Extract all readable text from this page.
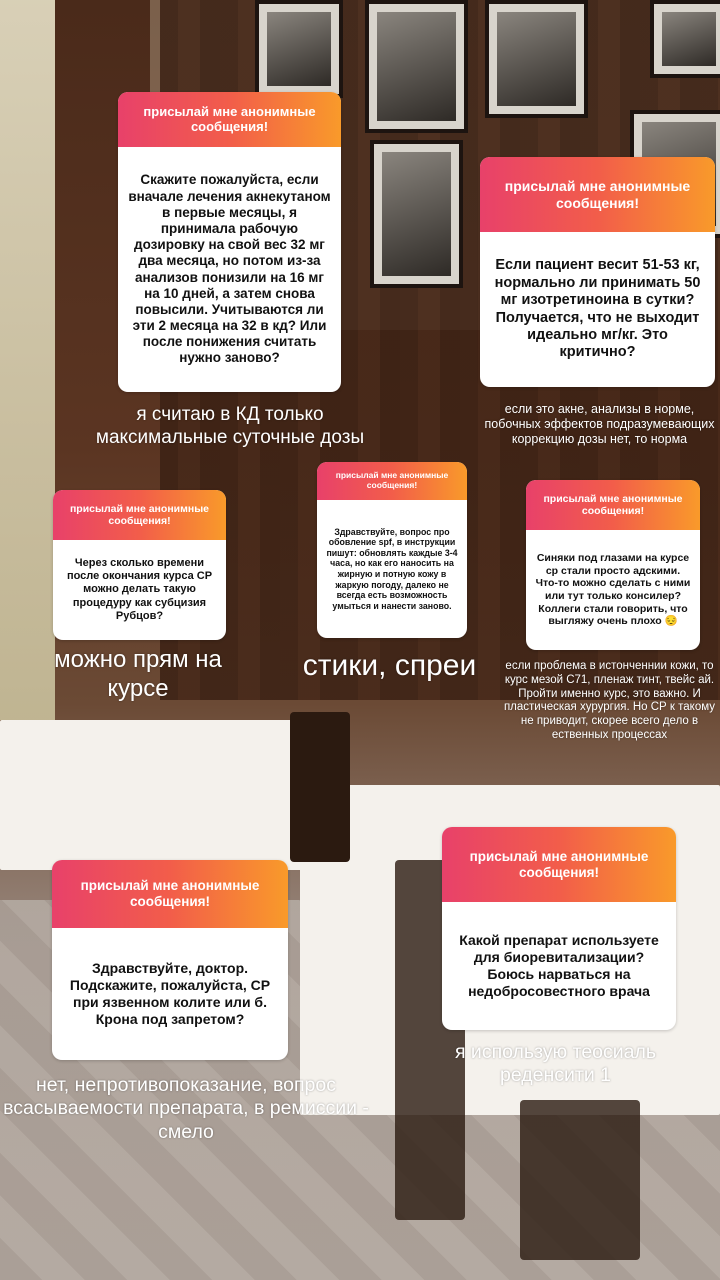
присылай мне анонимные сообщения!
Скажите пожалуйста, если вначале лечения акнекутаном в первые месяцы, я принимала рабочую дозировку на свой вес 32 мг два месяца, но потом из-за анализов понизили на 16 мг на 10 дней, а затем снова повысили. Учитываются ли эти 2 месяца на 32 в кд? Или после понижения считать нужно заново?
присылай мне анонимные сообщения!
Если пациент весит 51-53 кг, нормально ли принимать 50 мг изотретиноина в сутки? Получается, что не выходит идеально мг/кг. Это критично?
присылай мне анонимные сообщения!
Через сколько времени после окончания курса СР можно делать такую процедуру как субцизия Рубцов?
присылай мне анонимные сообщения!
Здравствуйте, вопрос про обовление spf, в инструкции пишут: обновлять каждые 3-4 часа, но как его наносить на жирную и потную кожу в жаркую погоду, далеко не всегда есть возможность умыться и нанести заново.
присылай мне анонимные сообщения!
Синяки под глазами на курсе ср стали просто адскими. Что-то можно сделать с ними или тут только консилер? Коллеги стали говорить, что выгляжу очень плохо 😔
присылай мне анонимные сообщения!
Здравствуйте, доктор. Подскажите, пожалуйста, СР при язвенном колите или б. Крона под запретом?
присылай мне анонимные сообщения!
Какой препарат используете для биоревитализации? Боюсь нарваться на недобросовестного врача
я считаю в КД только максимальные суточные дозы
если это акне, анализы в норме, побочных эффектов подразумевающих коррекцию дозы нет, то норма
можно прям на курсе
стики, спреи	если проблема в истонченнии кожи, то курс мезой С71, пленаж тинт, твейс ай. Пройти именно курс, это важно. И пластическая хурургия. Но СР к такому не приводит, скорее всего дело в ественных процессах
нет, непротивопоказание, вопрос всасываемости препарата, в ремиссии - смело
я использую теосиаль реденсити 1
